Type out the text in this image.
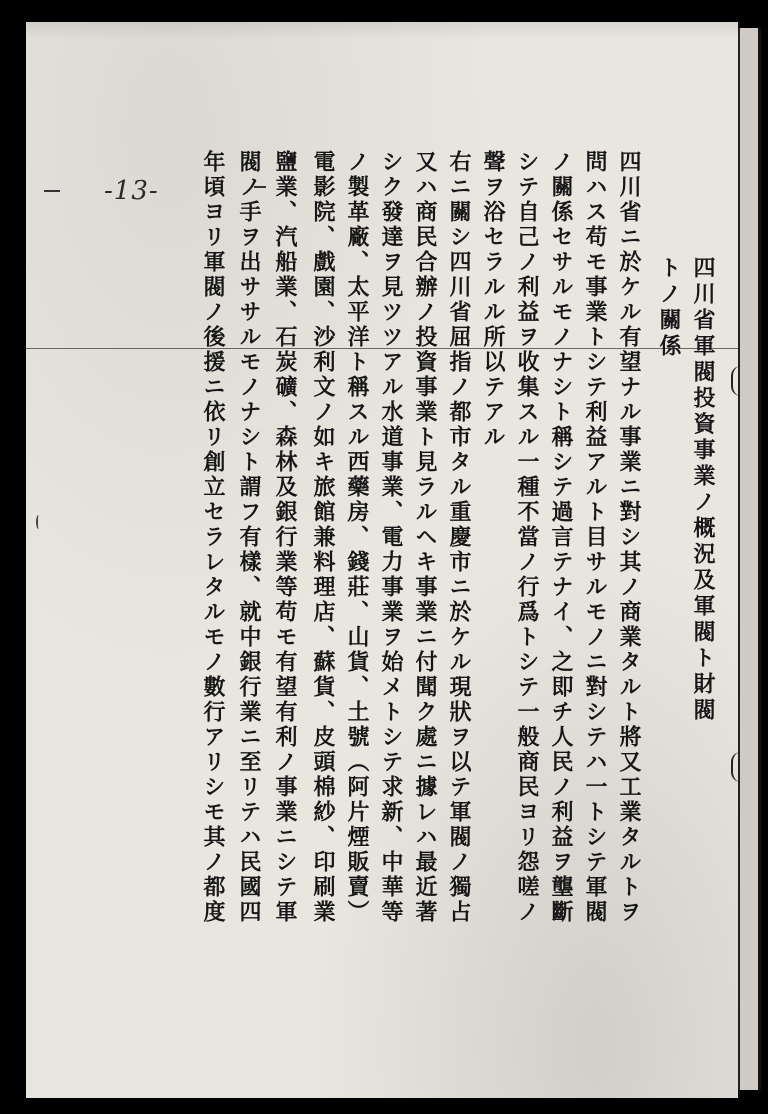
-13-
四川省軍閥投資事業ノ概況及軍閥ト財閥
トノ關係
四川省ニ於ケル有望ナル事業ニ對シ其ノ商業タルト將又工業タルトヲ
問ハス苟モ事業トシテ利益アルト目サルモノニ對シテハ一トシテ軍閥
ノ關係セサルモノナシト稱シテ過言テナイ、之即チ人民ノ利益ヲ壟斷
シテ自己ノ利益ヲ收集スル一種不當ノ行爲トシテ一般商民ヨリ怨嗟ノ
聲ヲ浴セラルル所以テアル
右ニ關シ四川省屈指ノ都市タル重慶市ニ於ケル現狀ヲ以テ軍閥ノ獨占
又ハ商民合辦ノ投資事業ト見ラルヘキ事業ニ付聞ク處ニ據レハ最近著
シク發達ヲ見ツツアル水道事業、電力事業ヲ始メトシテ求新、中華等
ノ製革廠、太平洋ト稱スル西藥房、錢莊、山貨、土號（阿片煙販賣）
電影院、戲園、沙利文ノ如キ旅館兼料理店、蘇貨、皮頭棉紗、印刷業
鹽業、汽船業、石炭礦、森林及銀行業等苟モ有望有利ノ事業ニシテ軍
閥ノ手ヲ出ササルモノナシト謂フ有樣、就中銀行業ニ至リテハ民國四
年頃ヨリ軍閥ノ後援ニ依リ創立セラレタルモノ數行アリシモ其ノ都度
